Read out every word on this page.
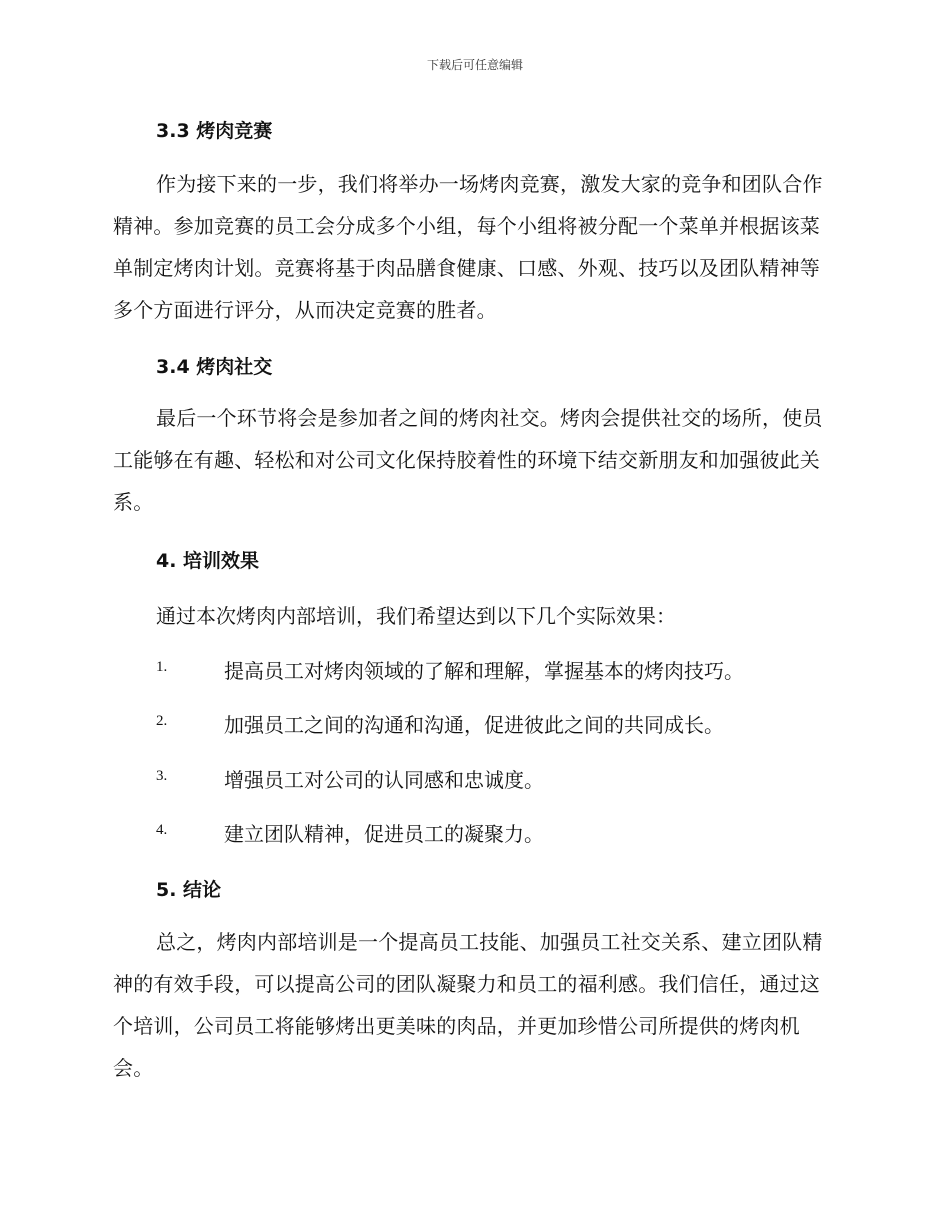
下载后可任意编辑
3.3 烤肉竞赛
作为接下来的一步，我们将举办一场烤肉竞赛，激发大家的竞争和团队合作精神。参加竞赛的员工会分成多个小组，每个小组将被分配一个菜单并根据该菜单制定烤肉计划。竞赛将基于肉品膳食健康、口感、外观、技巧以及团队精神等多个方面进行评分，从而决定竞赛的胜者。
3.4 烤肉社交
最后一个环节将会是参加者之间的烤肉社交。烤肉会提供社交的场所，使员工能够在有趣、轻松和对公司文化保持胶着性的环境下结交新朋友和加强彼此关系。
4. 培训效果
通过本次烤肉内部培训，我们希望达到以下几个实际效果：
1.	提高员工对烤肉领域的了解和理解，掌握基本的烤肉技巧。
2.	加强员工之间的沟通和沟通，促进彼此之间的共同成长。
3.	增强员工对公司的认同感和忠诚度。
4.	建立团队精神，促进员工的凝聚力。
5. 结论
总之，烤肉内部培训是一个提高员工技能、加强员工社交关系、建立团队精神的有效手段，可以提高公司的团队凝聚力和员工的福利感。我们信任，通过这个培训，公司员工将能够烤出更美味的肉品，并更加珍惜公司所提供的烤肉机会。
